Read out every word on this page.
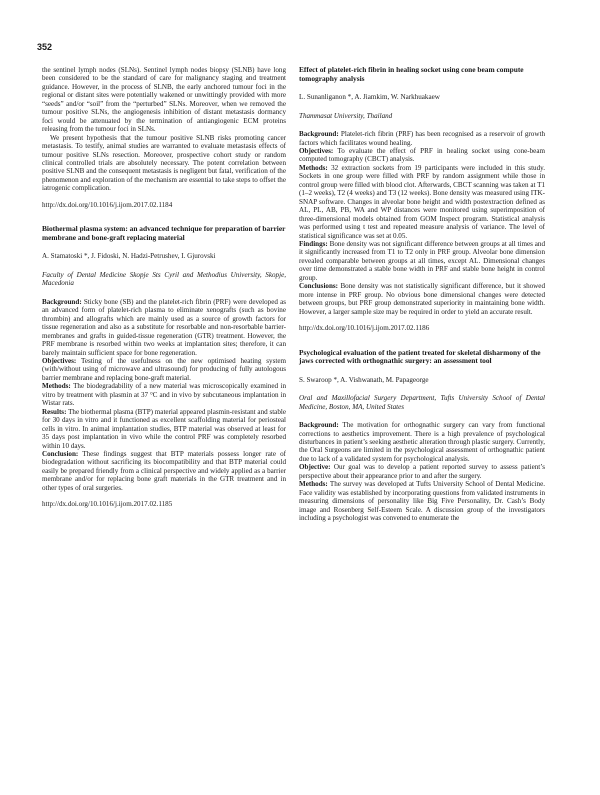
352

the sentinel lymph nodes (SLNs). Sentinel lymph nodes biopsy (SLNB) have long been considered to be the standard of care for malignancy staging and treatment guidance. However, in the process of SLNB, the early anchored tumour foci in the regional or distant sites were potentially wakened or unwittingly provided with more “seeds” and/or “soil” from the “perturbed” SLNs. Moreover, when we removed the tumour positive SLNs, the angiogenesis inhibition of distant metastasis dormancy foci would be attenuated by the termination of antiangiogenic ECM proteins releasing from the tumour foci in SLNs.

We present hypothesis that the tumour positive SLNB risks promoting cancer metastasis. To testify, animal studies are warranted to evaluate metastasis effects of tumour positive SLNs resection. Moreover, prospective cohort study or random clinical controlled trials are absolutely necessary. The potent correlation between positive SLNB and the consequent metastasis is negligent but fatal, verification of the phenomenon and exploration of the mechanism are essential to take steps to offset the iatrogenic complication.

http://dx.doi.org/10.1016/j.ijom.2017.02.1184

Biothermal plasma system: an advanced technique for preparation of barrier membrane and bone-graft replacing material

A. Stamatoski *, J. Fidoski, N. Hadzi-Petrushev, I. Gjurovski

Faculty of Dental Medicine Skopje Sts Cyril and Methodius University, Skopje, Macedonia

Background: Sticky bone (SB) and the platelet-rich fibrin (PRF) were developed as an advanced form of platelet-rich plasma to eliminate xenografts (such as bovine thrombin) and allografts which are mainly used as a source of growth factors for tissue regeneration and also as a substitute for resorbable and non-resorbable barrier-membranes and grafts in guided-tissue regeneration (GTR) treatment. However, the PRF membrane is resorbed within two weeks at implantation sites; therefore, it can barely maintain sufficient space for bone regeneration.

Objectives: Testing of the usefulness on the new optimised heating system (with/without using of microwave and ultrasound) for producing of fully autologous barrier membrane and replacing bone-graft material.

Methods: The biodegradability of a new material was microscopically examined in vitro by treatment with plasmin at 37 °C and in vivo by subcutaneous implantation in Wistar rats.

Results: The biothermal plasma (BTP) material appeared plasmin-resistant and stable for 30 days in vitro and it functioned as excellent scaffolding material for periosteal cells in vitro. In animal implantation studies, BTP material was observed at least for 35 days post implantation in vivo while the control PRF was completely resorbed within 10 days.

Conclusion: These findings suggest that BTP materials possess longer rate of biodegradation without sacrificing its biocompatibility and that BTP material could easily be prepared friendly from a clinical perspective and widely applied as a barrier membrane and/or for replacing bone graft materials in the GTR treatment and in other types of oral surgeries.

http://dx.doi.org/10.1016/j.ijom.2017.02.1185

Effect of platelet-rich fibrin in healing socket using cone beam compute tomography analysis

L. Sunanliganon *, A. Jiamkim, W. Narkhuakaew

Thammasat University, Thailand

Background: Platelet-rich fibrin (PRF) has been recognised as a reservoir of growth factors which facilitates wound healing.

Objectives: To evaluate the effect of PRF in healing socket using cone-beam computed tomography (CBCT) analysis.

Methods: 32 extraction sockets from 19 participants were included in this study. Sockets in one group were filled with PRF by random assignment while those in control group were filled with blood clot. Afterwards, CBCT scanning was taken at T1 (1–2 weeks), T2 (4 weeks) and T3 (12 weeks). Bone density was measured using ITK-SNAP software. Changes in alveolar bone height and width postextraction defined as AL, PL, AB, PB, WA and WP distances were monitored using superimposition of three-dimensional models obtained from GOM Inspect program. Statistical analysis was performed using t test and repeated measure analysis of variance. The level of statistical significance was set at 0.05.

Findings: Bone density was not significant difference between groups at all times and it significantly increased from T1 to T2 only in PRF group. Alveolar bone dimension revealed comparable between groups at all times, except AL. Dimensional changes over time demonstrated a stable bone width in PRF and stable bone height in control group.

Conclusions: Bone density was not statistically significant difference, but it showed more intense in PRF group. No obvious bone dimensional changes were detected between groups, but PRF group demonstrated superiority in maintaining bone width. However, a larger sample size may be required in order to yield an accurate result.

http://dx.doi.org/10.1016/j.ijom.2017.02.1186

Psychological evaluation of the patient treated for skeletal disharmony of the jaws corrected with orthognathic surgery: an assessment tool

S. Swaroop *, A. Vishwanath, M. Papageorge

Oral and Maxillofacial Surgery Department, Tufts University School of Dental Medicine, Boston, MA, United States

Background: The motivation for orthognathic surgery can vary from functional corrections to aesthetics improvement. There is a high prevalence of psychological disturbances in patient’s seeking aesthetic alteration through plastic surgery. Currently, the Oral Surgeons are limited in the psychological assessment of orthognathic patient due to lack of a validated system for psychological analysis.

Objective: Our goal was to develop a patient reported survey to assess patient’s perspective about their appearance prior to and after the surgery.

Methods: The survey was developed at Tufts University School of Dental Medicine. Face validity was established by incorporating questions from validated instruments in measuring dimensions of personality like Big Five Personality, Dr. Cash’s Body image and Rosenberg Self-Esteem Scale. A discussion group of the investigators including a psychologist was convened to enumerate the
